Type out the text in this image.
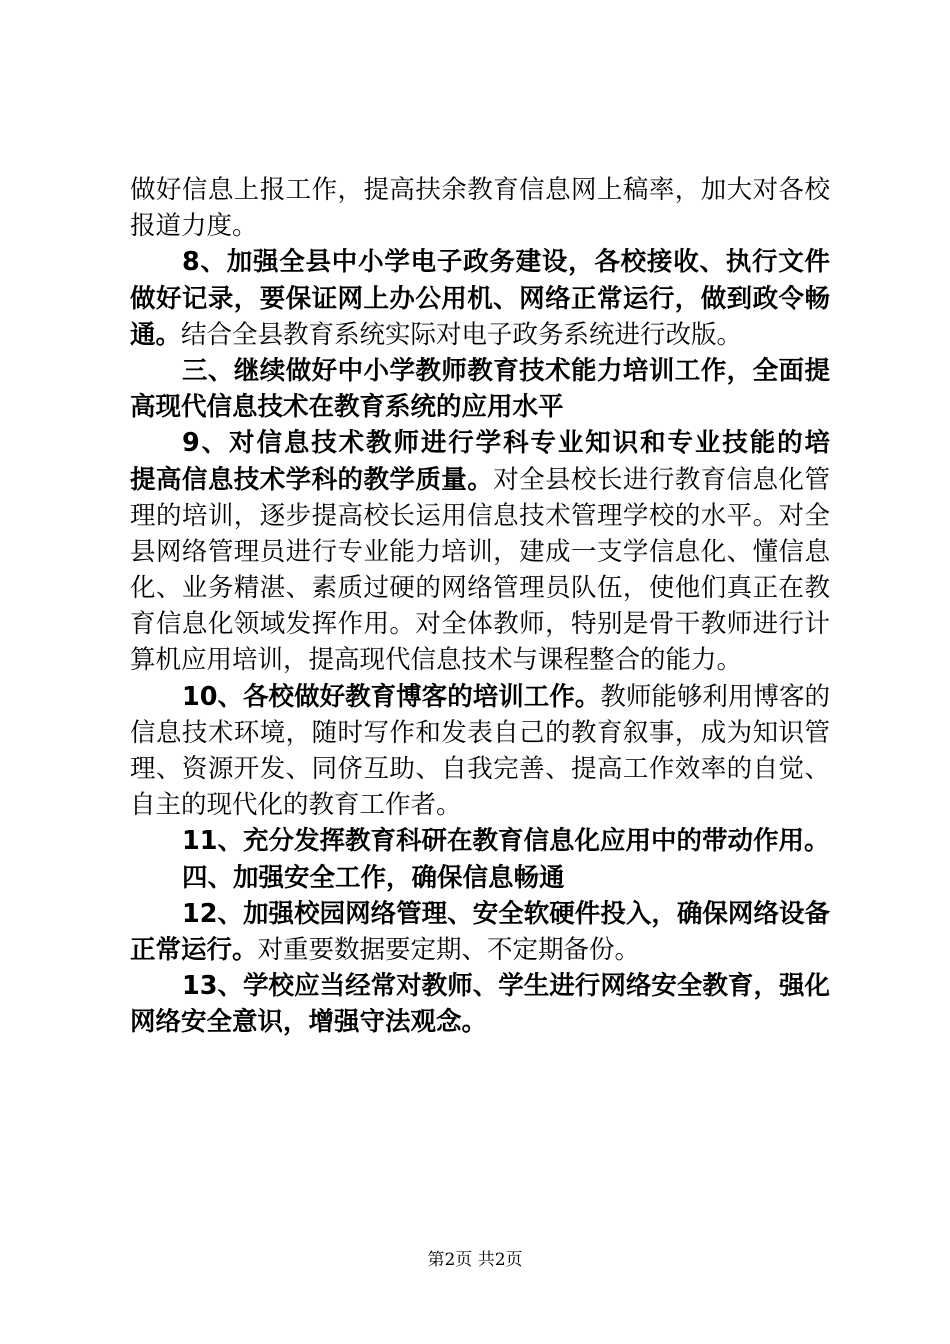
做好信息上报工作，提高扶余教育信息网上稿率，加大对各校
报道力度。
8、加强全县中小学电子政务建设，各校接收、执行文件
做好记录，要保证网上办公用机、网络正常运行，做到政令畅
通。结合全县教育系统实际对电子政务系统进行改版。
三、继续做好中小学教师教育技术能力培训工作，全面提
高现代信息技术在教育系统的应用水平
9、对信息技术教师进行学科专业知识和专业技能的培
提高信息技术学科的教学质量。对全县校长进行教育信息化管
理的培训，逐步提高校长运用信息技术管理学校的水平。对全
县网络管理员进行专业能力培训，建成一支学信息化、懂信息
化、业务精湛、素质过硬的网络管理员队伍，使他们真正在教
育信息化领域发挥作用。对全体教师，特别是骨干教师进行计
算机应用培训，提高现代信息技术与课程整合的能力。
10、各校做好教育博客的培训工作。教师能够利用博客的
信息技术环境，随时写作和发表自己的教育叙事，成为知识管
理、资源开发、同侪互助、自我完善、提高工作效率的自觉、
自主的现代化的教育工作者。
11、充分发挥教育科研在教育信息化应用中的带动作用。
四、加强安全工作，确保信息畅通
12、加强校园网络管理、安全软硬件投入，确保网络设备
正常运行。对重要数据要定期、不定期备份。
13、学校应当经常对教师、学生进行网络安全教育，强化
网络安全意识，增强守法观念。
第2页 共2页
